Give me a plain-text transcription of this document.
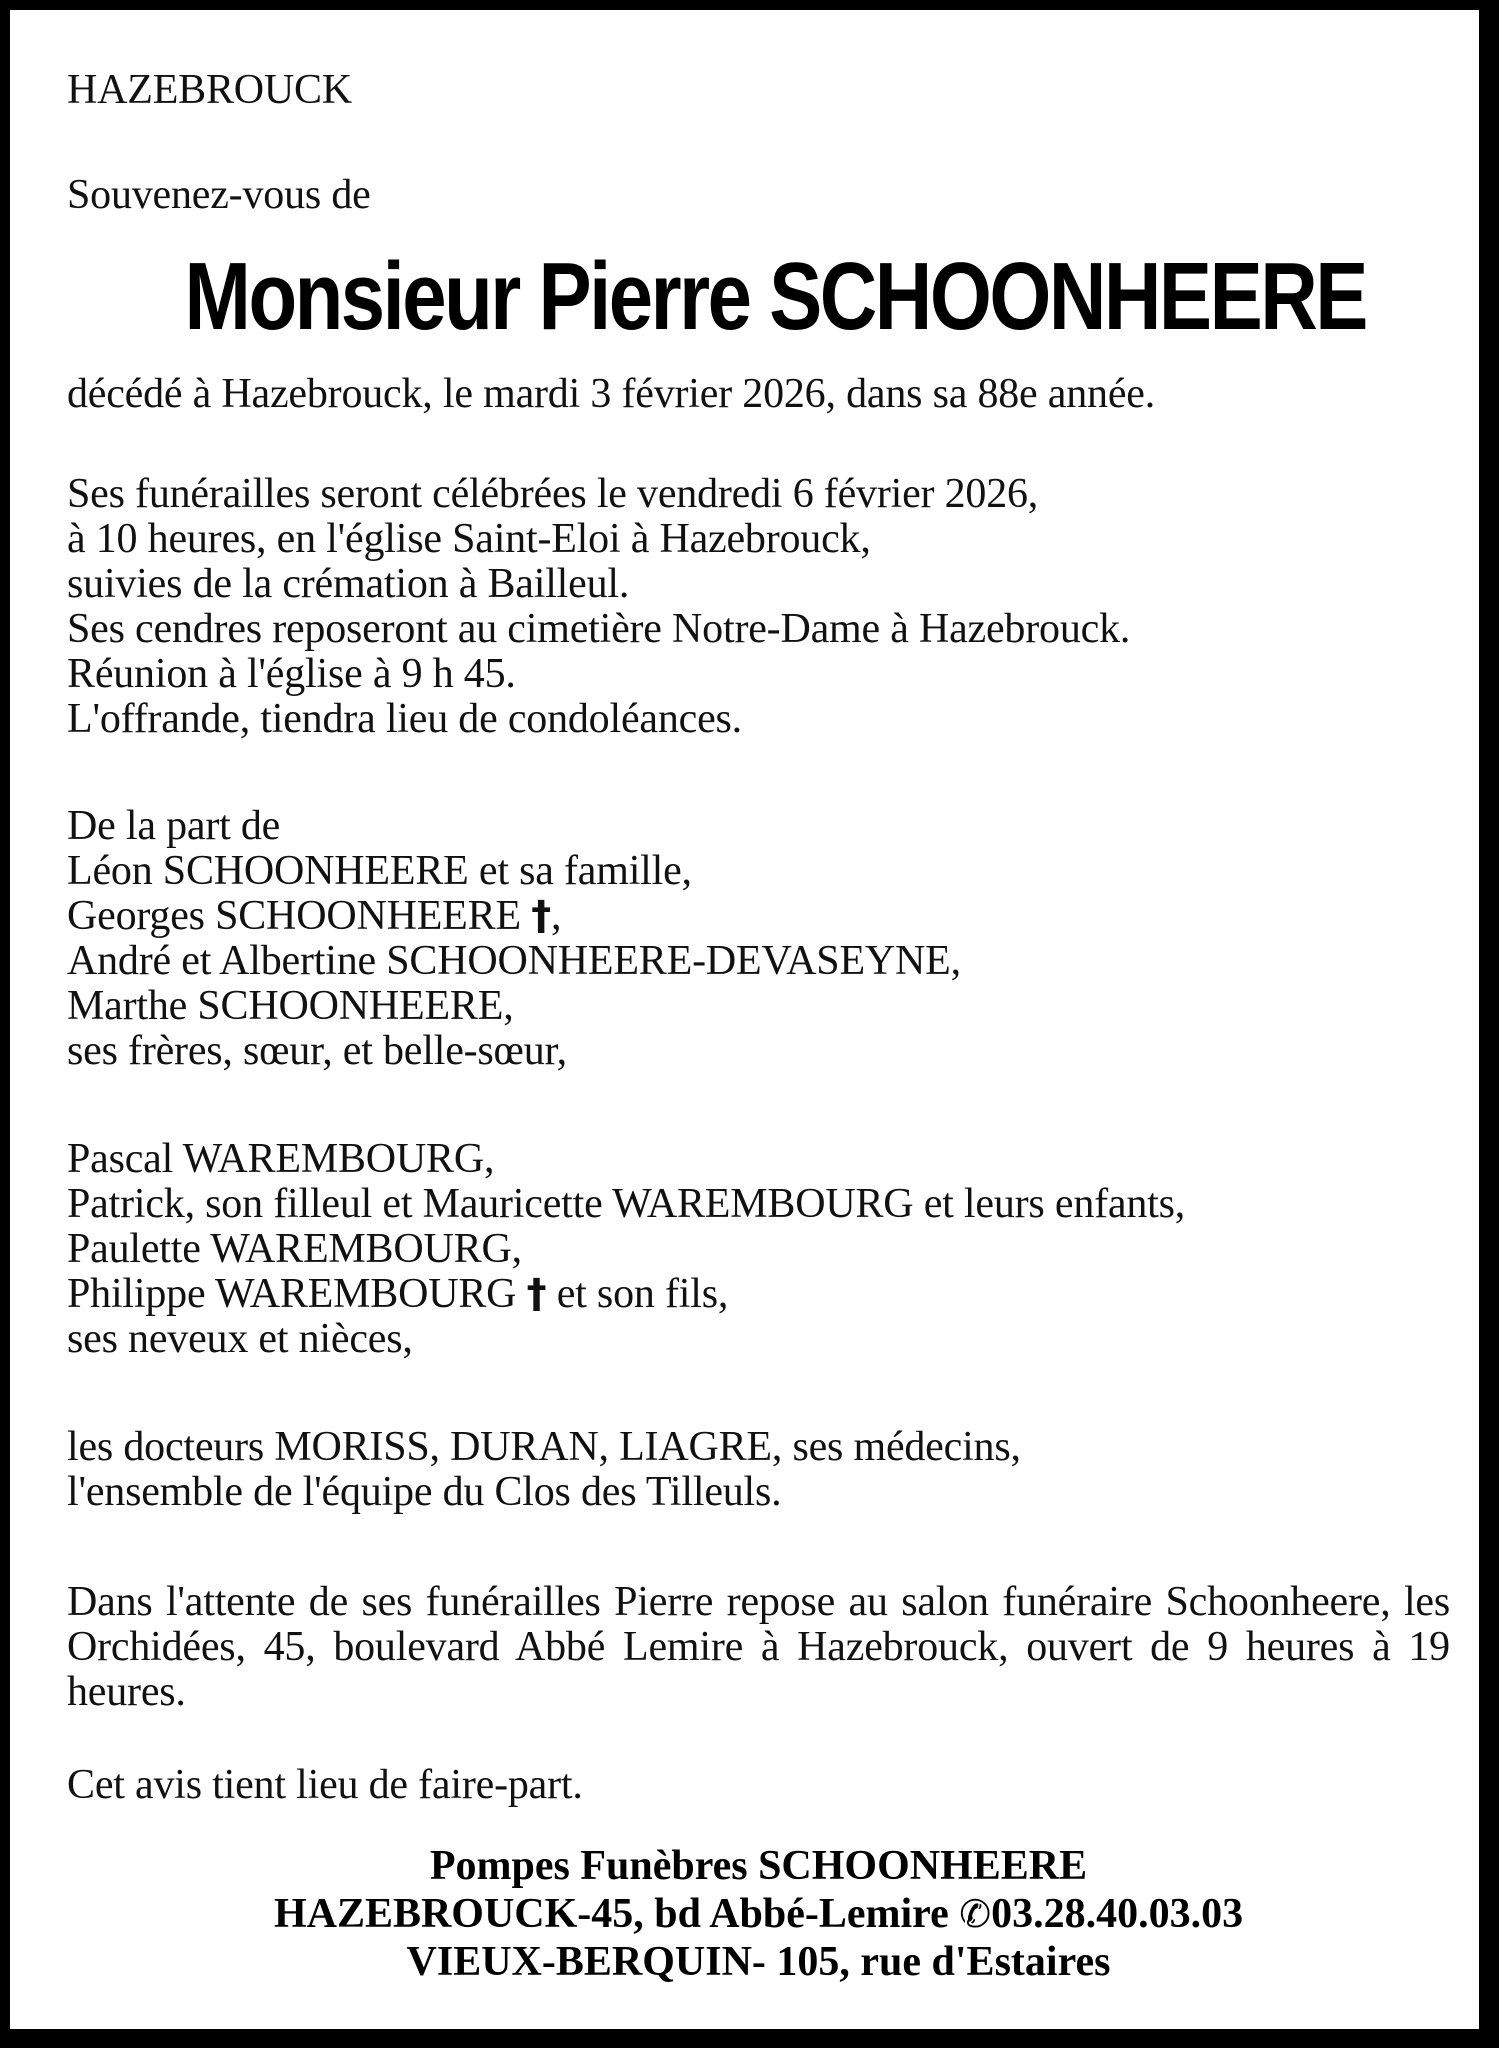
HAZEBROUCK
Souvenez-vous de
Monsieur Pierre SCHOONHEERE
décédé à Hazebrouck, le mardi 3 février 2026, dans sa 88e année.
Ses funérailles seront célébrées le vendredi 6 février 2026,
à 10 heures, en l'église Saint-Eloi à Hazebrouck,
suivies de la crémation à Bailleul.
Ses cendres reposeront au cimetière Notre-Dame à Hazebrouck.
Réunion à l'église à 9 h 45.
L'offrande, tiendra lieu de condoléances.
De la part de
Léon SCHOONHEERE et sa famille,
Georges SCHOONHEERE †,
André et Albertine SCHOONHEERE-DEVASEYNE,
Marthe SCHOONHEERE,
ses frères, sœur, et belle-sœur,
Pascal WAREMBOURG,
Patrick, son filleul et Mauricette WAREMBOURG et leurs enfants,
Paulette WAREMBOURG,
Philippe WAREMBOURG † et son fils,
ses neveux et nièces,
les docteurs MORISS, DURAN, LIAGRE, ses médecins,
l'ensemble de l'équipe du Clos des Tilleuls.

Dans l'attente de ses funérailles Pierre repose au salon funéraire Schoonheere, les Orchidées, 45, boulevard Abbé Lemire à Hazebrouck, ouvert de 9 heures à 19 heures.

Cet avis tient lieu de faire-part.
Pompes Funèbres SCHOONHEERE
HAZEBROUCK-45, bd Abbé-Lemire ✆03.28.40.03.03
VIEUX-BERQUIN- 105, rue d'Estaires
